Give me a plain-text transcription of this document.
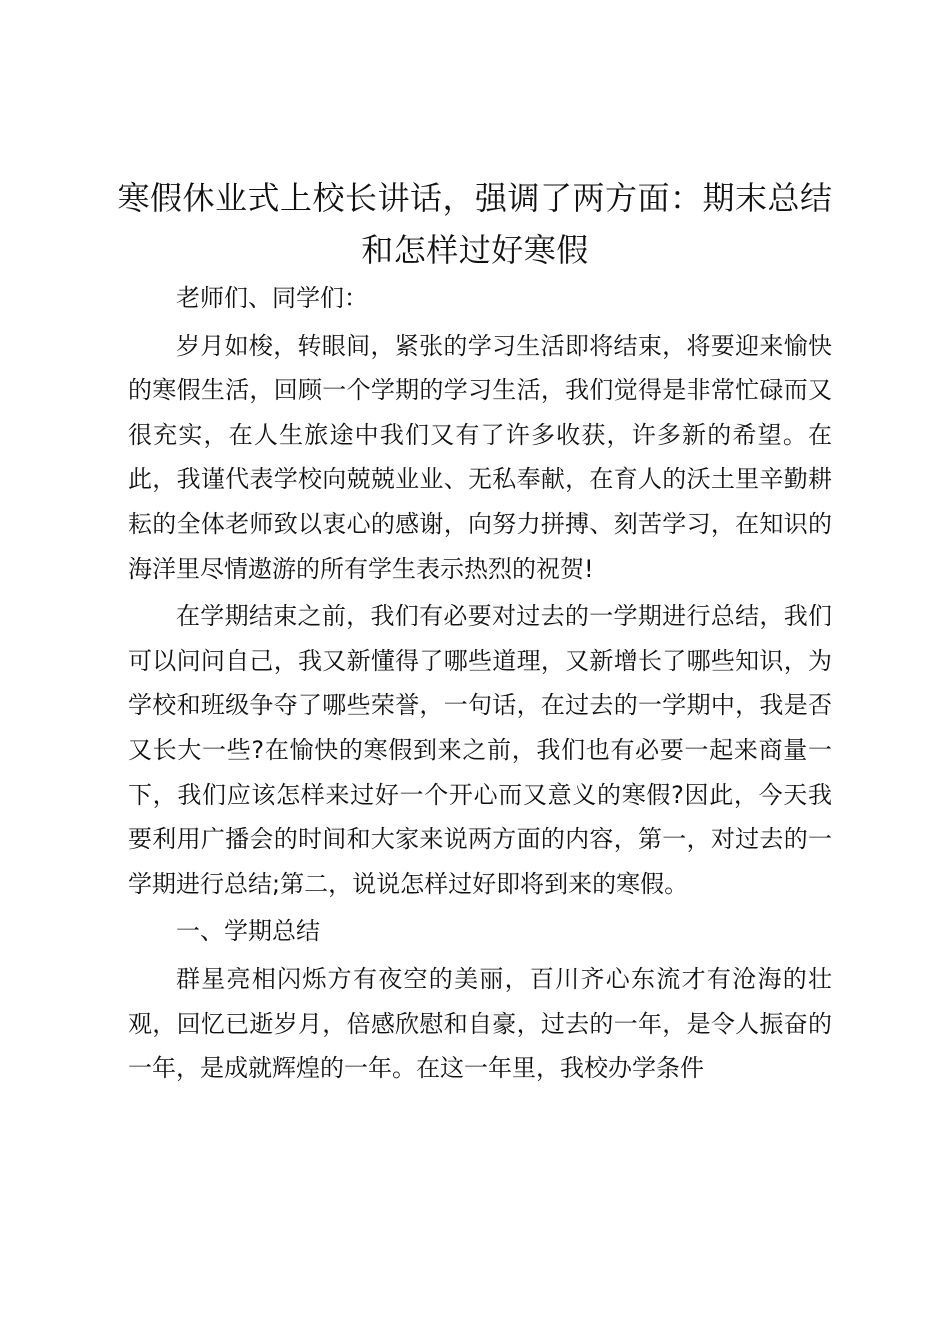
寒假休业式上校长讲话，强调了两方面：期末总结和怎样过好寒假

老师们、同学们：

岁月如梭，转眼间，紧张的学习生活即将结束，将要迎来愉快的寒假生活，回顾一个学期的学习生活，我们觉得是非常忙碌而又很充实，在人生旅途中我们又有了许多收获，许多新的希望。在此，我谨代表学校向兢兢业业、无私奉献，在育人的沃土里辛勤耕耘的全体老师致以衷心的感谢，向努力拼搏、刻苦学习，在知识的海洋里尽情遨游的所有学生表示热烈的祝贺!

在学期结束之前，我们有必要对过去的一学期进行总结，我们可以问问自己，我又新懂得了哪些道理，又新增长了哪些知识，为学校和班级争夺了哪些荣誉，一句话，在过去的一学期中，我是否又长大一些?在愉快的寒假到来之前，我们也有必要一起来商量一下，我们应该怎样来过好一个开心而又意义的寒假?因此，今天我要利用广播会的时间和大家来说两方面的内容，第一，对过去的一学期进行总结;第二，说说怎样过好即将到来的寒假。

一、学期总结

群星亮相闪烁方有夜空的美丽，百川齐心东流才有沧海的壮观，回忆已逝岁月，倍感欣慰和自豪，过去的一年，是令人振奋的一年，是成就辉煌的一年。在这一年里，我校办学条件
